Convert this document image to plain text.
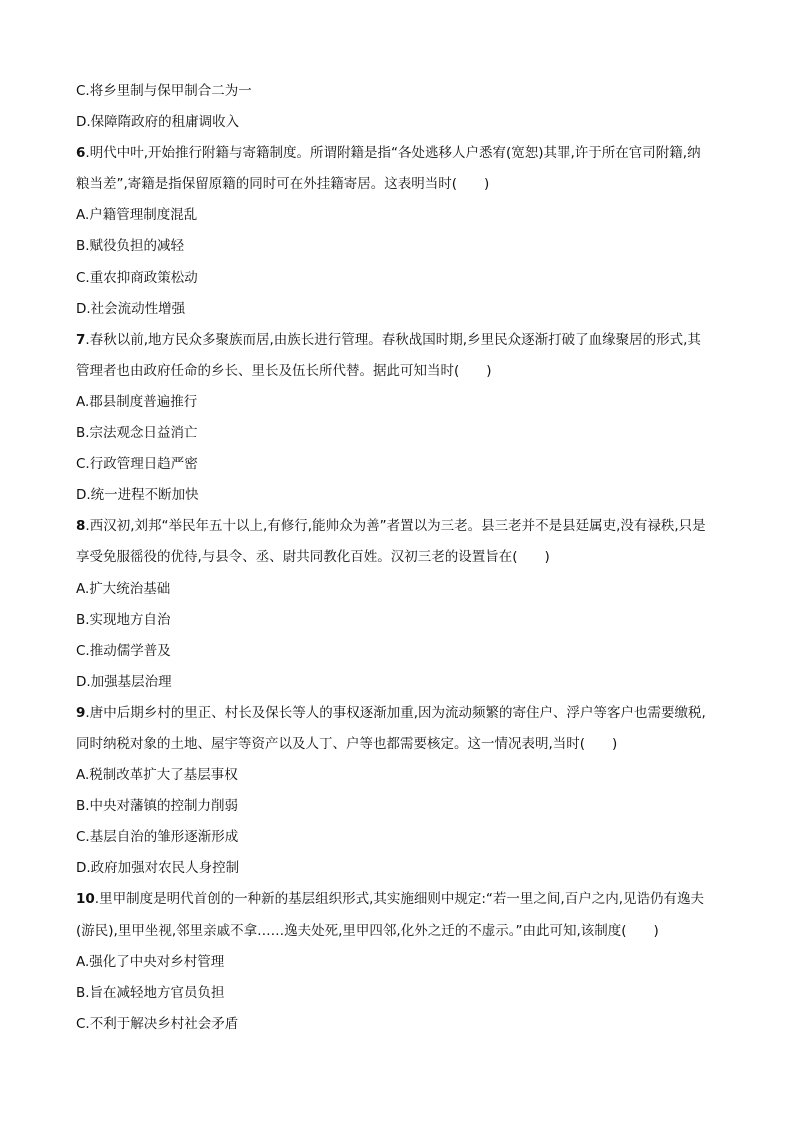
C.将乡里制与保甲制合二为一
D.保障隋政府的租庸调收入
6.明代中叶,开始推行附籍与寄籍制度。所谓附籍是指“各处逃移人户悉宥(宽恕)其罪,许于所在官司附籍,纳
粮当差”,寄籍是指保留原籍的同时可在外挂籍寄居。这表明当时(　　)
A.户籍管理制度混乱
B.赋役负担的减轻
C.重农抑商政策松动
D.社会流动性增强
7.春秋以前,地方民众多聚族而居,由族长进行管理。春秋战国时期,乡里民众逐渐打破了血缘聚居的形式,其
管理者也由政府任命的乡长、里长及伍长所代替。据此可知当时(　　)
A.郡县制度普遍推行
B.宗法观念日益消亡
C.行政管理日趋严密
D.统一进程不断加快
8.西汉初,刘邦“举民年五十以上,有修行,能帅众为善”者置以为三老。县三老并不是县廷属吏,没有禄秩,只是
享受免服徭役的优待,与县令、丞、尉共同教化百姓。汉初三老的设置旨在(　　)
A.扩大统治基础
B.实现地方自治
C.推动儒学普及
D.加强基层治理
9.唐中后期乡村的里正、村长及保长等人的事权逐渐加重,因为流动频繁的寄住户、浮户等客户也需要缴税,
同时纳税对象的土地、屋宇等资产以及人丁、户等也都需要核定。这一情况表明,当时(　　)
A.税制改革扩大了基层事权
B.中央对藩镇的控制力削弱
C.基层自治的雏形逐渐形成
D.政府加强对农民人身控制
10.里甲制度是明代首创的一种新的基层组织形式,其实施细则中规定:“若一里之间,百户之内,见诰仍有逸夫
(游民),里甲坐视,邻里亲戚不拿……逸夫处死,里甲四邻,化外之迁的不虚示。”由此可知,该制度(　　)
A.强化了中央对乡村管理
B.旨在减轻地方官员负担
C.不利于解决乡村社会矛盾
